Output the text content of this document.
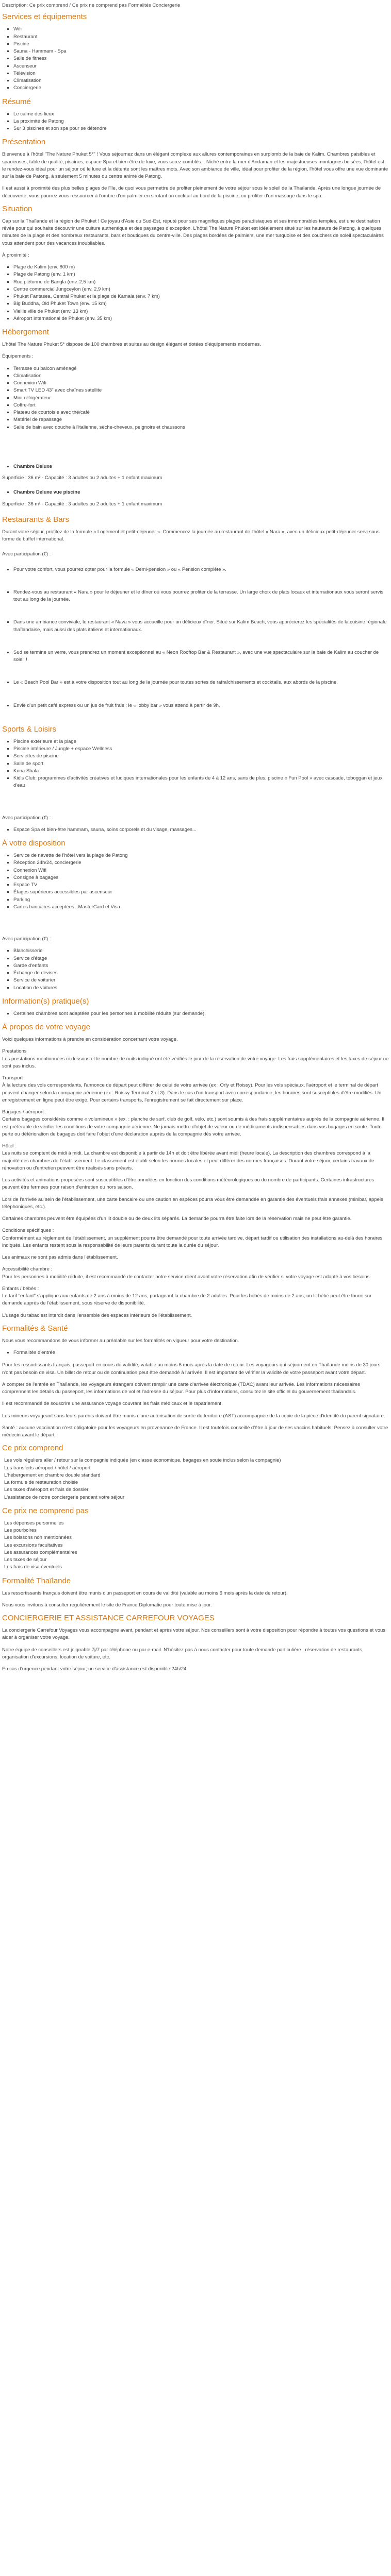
Description: Ce prix comprend / Ce prix ne comprend pas Formalités Conciergerie

Services et équipements
▪ Wifi
▪ Restaurant
▪ Piscine
▪ Sauna - Hammam - Spa
▪ Salle de fitness
▪ Ascenseur
▪ Télévision
▪ Climatisation
▪ Conciergerie
Résumé
▪ Le calme des lieux
▪ La proximité de Patong
▪ Sur 3 piscines et son spa pour se détendre
Présentation

Bienvenue à l'hôtel "The Nature Phuket 5*" ! Vous séjournez dans un élégant complexe aux allures contemporaines en surplomb de la baie de Kalim. Chambres paisibles et spacieuses, table de qualité, piscines, espace Spa et bien-être de luxe, vous serez comblés... Niché entre la mer d'Andaman et les majestueuses montagnes boisées, l'hôtel est le rendez-vous idéal pour un séjour où le luxe et la détente sont les maîtres mots. Avec son ambiance de ville, idéal pour profiter de la région, l'hôtel vous offre une vue dominante sur la baie de Patong, à seulement 5 minutes du centre animé de Patong.

Il est aussi à proximité des plus belles plages de l'île, de quoi vous permettre de profiter pleinement de votre séjour sous le soleil de la Thaïlande. Après une longue journée de découverte, vous pourrez vous ressourcer à l'ombre d'un palmier en sirotant un cocktail au bord de la piscine, ou profiter d'un massage dans le spa.

Situation

Cap sur la Thaïlande et la région de Phuket ! Ce joyau d'Asie du Sud-Est, réputé pour ses magnifiques plages paradisiaques et ses innombrables temples, est une destination rêvée pour qui souhaite découvrir une culture authentique et des paysages d'exception. L'hôtel The Nature Phuket est idéalement situé sur les hauteurs de Patong, à quelques minutes de la plage et des nombreux restaurants, bars et boutiques du centre-ville. Des plages bordées de palmiers, une mer turquoise et des couchers de soleil spectaculaires vous attendent pour des vacances inoubliables.

À proximité :

▪ Plage de Kalim (env. 800 m)
▪ Plage de Patong (env. 1 km)
▪ Rue piétonne de Bangla (env. 2,5 km)
▪ Centre commercial Jungceylon (env. 2,9 km)
▪ Phuket Fantasea, Central Phuket et la plage de Kamala (env. 7 km)
▪ Big Buddha, Old Phuket Town (env. 15 km)
▪ Vieille ville de Phuket (env. 13 km)
▪ Aéroport international de Phuket (env. 35 km)
Hébergement

L'hôtel The Nature Phuket 5* dispose de 100 chambres et suites au design élégant et dotées d'équipements modernes.

Équipements :

▪ Terrasse ou balcon aménagé
▪ Climatisation
▪ Connexion Wifi
▪ Smart TV LED 43" avec chaînes satellite
▪ Mini-réfrigérateur
▪ Coffre-fort
▪ Plateau de courtoisie avec thé/café
▪ Matériel de repassage
▪ Salle de bain avec douche à l'italienne, sèche-cheveux, peignoirs et chaussons
▪ Chambre Deluxe

Superficie : 36 m² - Capacité : 3 adultes ou 2 adultes + 1 enfant maximum

▪ Chambre Deluxe vue piscine

Superficie : 36 m² - Capacité : 3 adultes ou 2 adultes + 1 enfant maximum

Restaurants & Bars

Durant votre séjour, profitez de la formule « Logement et petit-déjeuner ». Commencez la journée au restaurant de l'hôtel « Nara », avec un délicieux petit-déjeuner servi sous forme de buffet international.

Avec participation (€) :

▪ Pour votre confort, vous pourrez opter pour la formule « Demi-pension » ou « Pension complète ».
▪ Rendez-vous au restaurant « Nara » pour le déjeuner et le dîner où vous pourrez profiter de la terrasse. Un large choix de plats locaux et internationaux vous seront servis tout au long de la journée.
▪ Dans une ambiance conviviale, le restaurant « Nava » vous accueille pour un délicieux dîner. Situé sur Kalim Beach, vous apprécierez les spécialités de la cuisine régionale thaïlandaise, mais aussi des plats italiens et internationaux.
▪ Sud se termine un verre, vous prendrez un moment exceptionnel au « Neon Rooftop Bar & Restaurant », avec une vue spectaculaire sur la baie de Kalim au coucher de soleil !
▪ Le « Beach Pool Bar » est à votre disposition tout au long de la journée pour toutes sortes de rafraîchissements et cocktails, aux abords de la piscine.
▪ Envie d'un petit café express ou un jus de fruit frais ; le « lobby bar » vous attend à partir de 9h.
Sports & Loisirs
▪ Piscine extérieure et la plage
▪ Piscine intérieure / Jungle + espace Wellness
▪ Serviettes de piscine
▪ Salle de sport
▪ Kona Shala
▪ Kid's Club: programmes d'activités créatives et ludiques internationales pour les enfants de 4 à 12 ans, sans de plus, piscine « Fun Pool » avec cascade, toboggan et jeux d'eau

Avec participation (€) :

▪ Espace Spa et bien-être hammam, sauna, soins corporels et du visage, massages...
À votre disposition
▪ Service de navette de l'hôtel vers la plage de Patong
▪ Réception 24h/24, conciergerie
▪ Connexion Wifi
▪ Consigne à bagages
▪ Espace TV
▪ Étages supérieurs accessibles par ascenseur
▪ Parking
▪ Cartes bancaires acceptées : MasterCard et Visa

Avec participation (€) :

▪ Blanchisserie
▪ Service d'étage
▪ Garde d'enfants
▪ Échange de devises
▪ Service de voiturier
▪ Location de voitures
Information(s) pratique(s)
▪ Certaines chambres sont adaptées pour les personnes à mobilité réduite (sur demande).
À propos de votre voyage

Voici quelques informations à prendre en considération concernant votre voyage.

Prestations

Les prestations mentionnées ci-dessous et le nombre de nuits indiqué ont été vérifiés le jour de la réservation de votre voyage. Les frais supplémentaires et les taxes de séjour ne sont pas inclus.

Transport

À la lecture des vols correspondants, l'annonce de départ peut différer de celui de votre arrivée (ex : Orly et Roissy). Pour les vols spéciaux, l'aéroport et le terminal de départ peuvent changer selon la compagnie aérienne (ex : Roissy Terminal 2 et 3). Dans le cas d'un transport avec correspondance, les horaires sont susceptibles d'être modifiés. Un enregistrement en ligne peut être exigé. Pour certains transports, l'enregistrement se fait directement sur place.

Bagages / aéroport :

Certains bagages considérés comme « volumineux » (ex. : planche de surf, club de golf, vélo, etc.) sont soumis à des frais supplémentaires auprès de la compagnie aérienne. Il est préférable de vérifier les conditions de votre compagnie aérienne. Ne jamais mettre d'objet de valeur ou de médicaments indispensables dans vos bagages en soute. Toute perte ou détérioration de bagages doit faire l'objet d'une déclaration auprès de la compagnie dès votre arrivée.

Hôtel :

Les nuits se comptent de midi à midi. La chambre est disponible à partir de 14h et doit être libérée avant midi (heure locale). La description des chambres correspond à la majorité des chambres de l'établissement. Le classement est établi selon les normes locales et peut différer des normes françaises. Durant votre séjour, certains travaux de rénovation ou d'entretien peuvent être réalisés sans préavis.

Les activités et animations proposées sont susceptibles d'être annulées en fonction des conditions météorologiques ou du nombre de participants. Certaines infrastructures peuvent être fermées pour raison d'entretien ou hors saison.

Lors de l'arrivée au sein de l'établissement, une carte bancaire ou une caution en espèces pourra vous être demandée en garantie des éventuels frais annexes (minibar, appels téléphoniques, etc.).

Certaines chambres peuvent être équipées d'un lit double ou de deux lits séparés. La demande pourra être faite lors de la réservation mais ne peut être garantie.

Conditions spécifiques :

Conformément au règlement de l'établissement, un supplément pourra être demandé pour toute arrivée tardive, départ tardif ou utilisation des installations au-delà des horaires indiqués. Les enfants restent sous la responsabilité de leurs parents durant toute la durée du séjour.

Les animaux ne sont pas admis dans l'établissement.

Accessibilité chambre :

Pour les personnes à mobilité réduite, il est recommandé de contacter notre service client avant votre réservation afin de vérifier si votre voyage est adapté à vos besoins.

Enfants / bébés :

Le tarif "enfant" s'applique aux enfants de 2 ans à moins de 12 ans, partageant la chambre de 2 adultes. Pour les bébés de moins de 2 ans, un lit bébé peut être fourni sur demande auprès de l'établissement, sous réserve de disponibilité.

L'usage du tabac est interdit dans l'ensemble des espaces intérieurs de l'établissement.

Formalités & Santé

Nous vous recommandons de vous informer au préalable sur les formalités en vigueur pour votre destination.

▪ Formalités d'entrée

Pour les ressortissants français, passeport en cours de validité, valable au moins 6 mois après la date de retour. Les voyageurs qui séjournent en Thaïlande moins de 30 jours n'ont pas besoin de visa. Un billet de retour ou de continuation peut être demandé à l'arrivée. Il est important de vérifier la validité de votre passeport avant votre départ.

À compter de l'entrée en Thaïlande, les voyageurs étrangers doivent remplir une carte d'arrivée électronique (TDAC) avant leur arrivée. Les informations nécessaires comprennent les détails du passeport, les informations de vol et l'adresse du séjour. Pour plus d'informations, consultez le site officiel du gouvernement thaïlandais.

Il est recommandé de souscrire une assurance voyage couvrant les frais médicaux et le rapatriement.

Les mineurs voyageant sans leurs parents doivent être munis d'une autorisation de sortie du territoire (AST) accompagnée de la copie de la pièce d'identité du parent signataire.

Santé : aucune vaccination n'est obligatoire pour les voyageurs en provenance de France. Il est toutefois conseillé d'être à jour de ses vaccins habituels. Pensez à consulter votre médecin avant le départ.

Ce prix comprend
Les vols réguliers aller / retour sur la compagnie indiquée (en classe économique, bagages en soute inclus selon la compagnie)
Les transferts aéroport / hôtel / aéroport
L'hébergement en chambre double standard
La formule de restauration choisie
Les taxes d'aéroport et frais de dossier
L'assistance de notre conciergerie pendant votre séjour
Ce prix ne comprend pas
Les dépenses personnelles
Les pourboires
Les boissons non mentionnées
Les excursions facultatives
Les assurances complémentaires
Les taxes de séjour
Les frais de visa éventuels
Formalité Thaïlande

Les ressortissants français doivent être munis d'un passeport en cours de validité (valable au moins 6 mois après la date de retour).

Nous vous invitons à consulter régulièrement le site de France Diplomatie pour toute mise à jour.

CONCIERGERIE ET ASSISTANCE CARREFOUR VOYAGES

La conciergerie Carrefour Voyages vous accompagne avant, pendant et après votre séjour. Nos conseillers sont à votre disposition pour répondre à toutes vos questions et vous aider à organiser votre voyage.

Notre équipe de conseillers est joignable 7j/7 par téléphone ou par e-mail. N'hésitez pas à nous contacter pour toute demande particulière : réservation de restaurants, organisation d'excursions, location de voiture, etc.

En cas d'urgence pendant votre séjour, un service d'assistance est disponible 24h/24.
